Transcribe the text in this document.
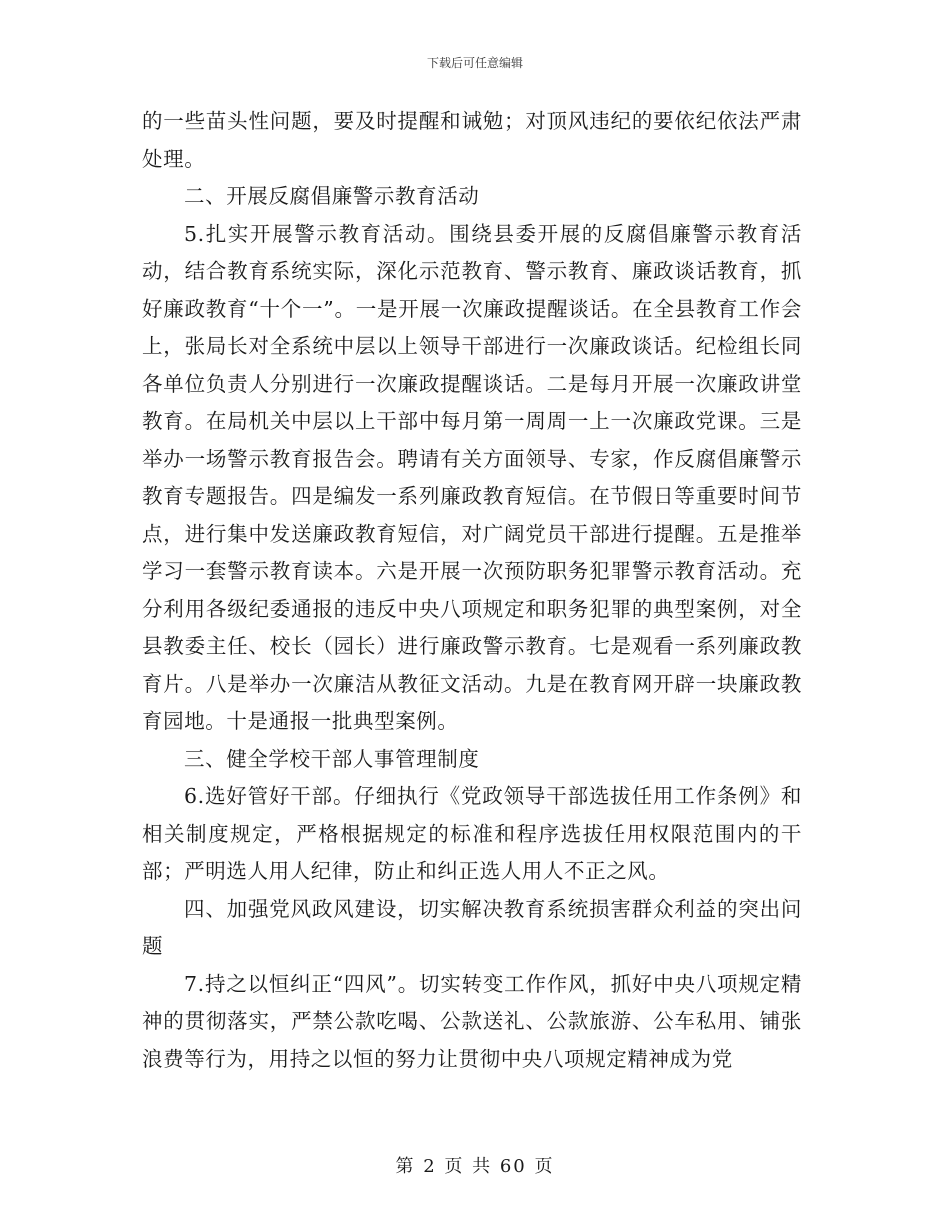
下载后可任意编辑

的一些苗头性问题，要及时提醒和诫勉；对顶风违纪的要依纪依法严肃处理。

二、开展反腐倡廉警示教育活动

5.扎实开展警示教育活动。围绕县委开展的反腐倡廉警示教育活动，结合教育系统实际，深化示范教育、警示教育、廉政谈话教育，抓好廉政教育“十个一”。一是开展一次廉政提醒谈话。在全县教育工作会上，张局长对全系统中层以上领导干部进行一次廉政谈话。纪检组长同各单位负责人分别进行一次廉政提醒谈话。二是每月开展一次廉政讲堂教育。在局机关中层以上干部中每月第一周周一上一次廉政党课。三是举办一场警示教育报告会。聘请有关方面领导、专家，作反腐倡廉警示教育专题报告。四是编发一系列廉政教育短信。在节假日等重要时间节点，进行集中发送廉政教育短信，对广阔党员干部进行提醒。五是推举学习一套警示教育读本。六是开展一次预防职务犯罪警示教育活动。充分利用各级纪委通报的违反中央八项规定和职务犯罪的典型案例，对全县教委主任、校长（园长）进行廉政警示教育。七是观看一系列廉政教育片。八是举办一次廉洁从教征文活动。九是在教育网开辟一块廉政教育园地。十是通报一批典型案例。

三、健全学校干部人事管理制度

6.选好管好干部。仔细执行《党政领导干部选拔任用工作条例》和相关制度规定，严格根据规定的标准和程序选拔任用权限范围内的干部；严明选人用人纪律，防止和纠正选人用人不正之风。

四、加强党风政风建设，切实解决教育系统损害群众利益的突出问题

7.持之以恒纠正“四风”。切实转变工作作风，抓好中央八项规定精神的贯彻落实，严禁公款吃喝、公款送礼、公款旅游、公车私用、铺张浪费等行为，用持之以恒的努力让贯彻中央八项规定精神成为党

第 2 页 共 60 页
